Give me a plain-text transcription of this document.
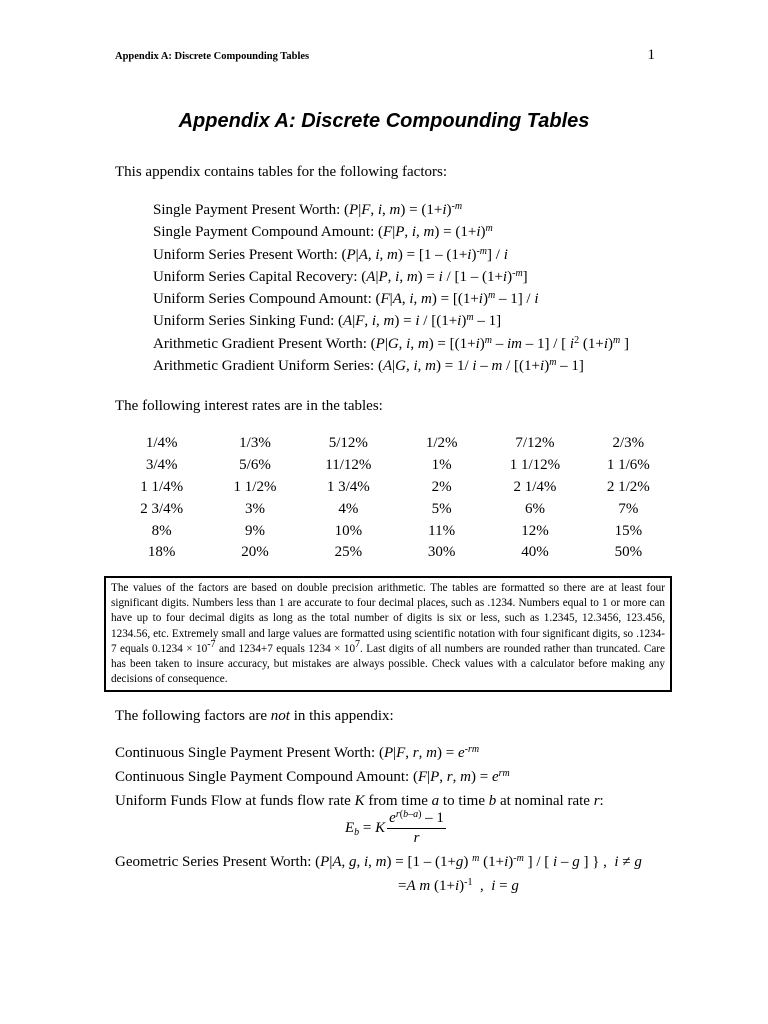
Appendix A: Discrete Compounding Tables	1
Appendix A: Discrete Compounding Tables
This appendix contains tables for the following factors:
Single Payment Present Worth: (P|F, i, $m) = (1+i)^{-m}$
Single Payment Compound Amount: (F|P, i, $m) = (1+i)^m$
Uniform Series Present Worth: (P|A, i, $m) = [1 - (1+i)^{-m}] / i$
Uniform Series Capital Recovery: (A|P, i, $m) = i / [1 - (1+i)^{-m}]$
Uniform Series Compound Amount: (F|A, i, $m) = [(1+i)^m - 1] / i$
Uniform Series Sinking Fund: (A|F, i, $m) = i / [(1+i)^m - 1]$
Arithmetic Gradient Present Worth: (P|G, i, $m) = [(1+i)^m$ – im – 1] / [ $i^2$ $(1+i)^m$ ]
Arithmetic Gradient Uniform Series: (A|G, i, m) = 1/ $i - m / [(1+i)^m - 1]$
The following interest rates are in the tables:
1/4%	1/3%	5/12%	1/2%	7/12%	2/3%
3/4%	5/6%	11/12%	1%	1 1/12%	1 1/6%
1 1/4%	1 1/2%	1 3/4%	2%	2 1/4%	2 1/2%
2 3/4%	3%	4%	5%	6%	7%
8%	9%	10%	11%	12%	15%
18%	20%	25%	30%	40%	50%
The values of the factors are based on double precision arithmetic. The tables are formatted so there are at least four significant digits. Numbers less than 1 are accurate to four decimal places, such as .1234. Numbers equal to 1 or more can have up to four decimal digits as long as the total number of digits is six or less, such as 1.2345, 12.3456, 123.456, 1234.56, etc. Extremely small and large values are formatted using scientific notation with four significant digits, so .1234-7 equals $0.1234 \times 10^{-7}$ and 1234+7 equals $1234 \times 10^7$. Last digits of all numbers are rounded rather than truncated. Care has been taken to insure accuracy, but mistakes are always possible. Check values with a calculator before making any decisions of consequence.
The following factors are not in this appendix:
Continuous Single Payment Present Worth: (P|F, r, $m) = e^{-rm}$
Continuous Single Payment Compound Amount: (F|P, r, $m) = e^{rm}$
Uniform Funds Flow at funds flow rate K from time a to time b at nominal rate r:
$E_b = K \frac{e^{r(b-a)} - 1}{r}$
Geometric Series Present Worth: (P|A, g, i, m) = [1 – (1+g) $^m$ $(1+i)^{-m}$ ] / [ i – g ] } ,  i ≠ g
=A m $(1+i)^{-1}$  ,  i = g
